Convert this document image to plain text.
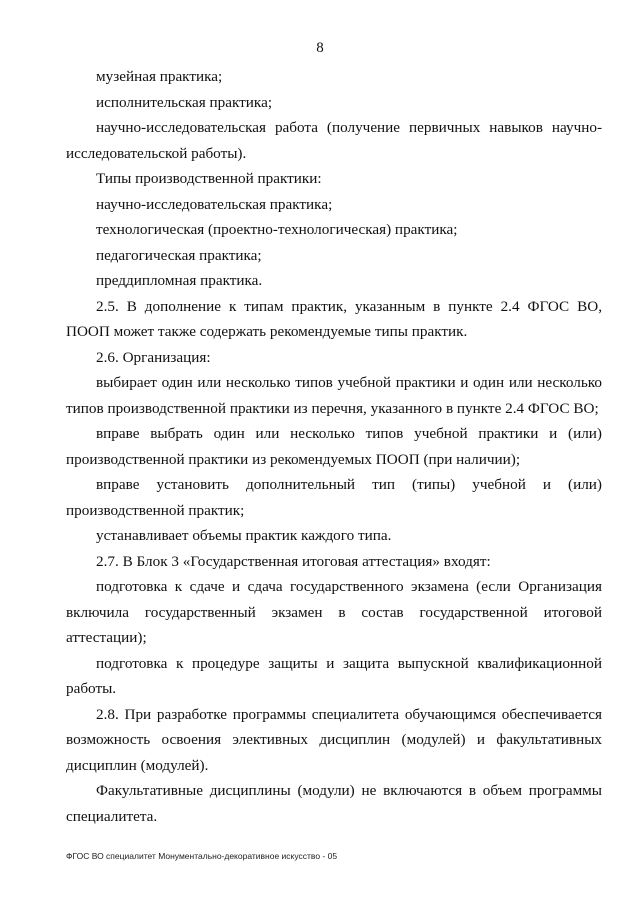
8

музейная практика;

исполнительская практика;

научно-исследовательская работа (получение первичных навыков научно-исследовательской работы).

Типы производственной практики:

научно-исследовательская практика;

технологическая (проектно-технологическая) практика;

педагогическая практика;

преддипломная практика.

2.5. В дополнение к типам практик, указанным в пункте 2.4 ФГОС ВО, ПООП может также содержать рекомендуемые типы практик.

2.6. Организация:

выбирает один или несколько типов учебной практики и один или несколько типов производственной практики из перечня, указанного в пункте 2.4 ФГОС ВО;

вправе выбрать один или несколько типов учебной практики и (или) производственной практики из рекомендуемых ПООП (при наличии);

вправе установить дополнительный тип (типы) учебной и (или) производственной практик;

устанавливает объемы практик каждого типа.

2.7. В Блок 3 «Государственная итоговая аттестация» входят:

подготовка к сдаче и сдача государственного экзамена (если Организация включила государственный экзамен в состав государственной итоговой аттестации);

подготовка к процедуре защиты и защита выпускной квалификационной работы.

2.8. При разработке программы специалитета обучающимся обеспечивается возможность освоения элективных дисциплин (модулей) и факультативных дисциплин (модулей).

Факультативные дисциплины (модули) не включаются в объем программы специалитета.

ФГОС ВО специалитет Монументально-декоративное искусство - 05
